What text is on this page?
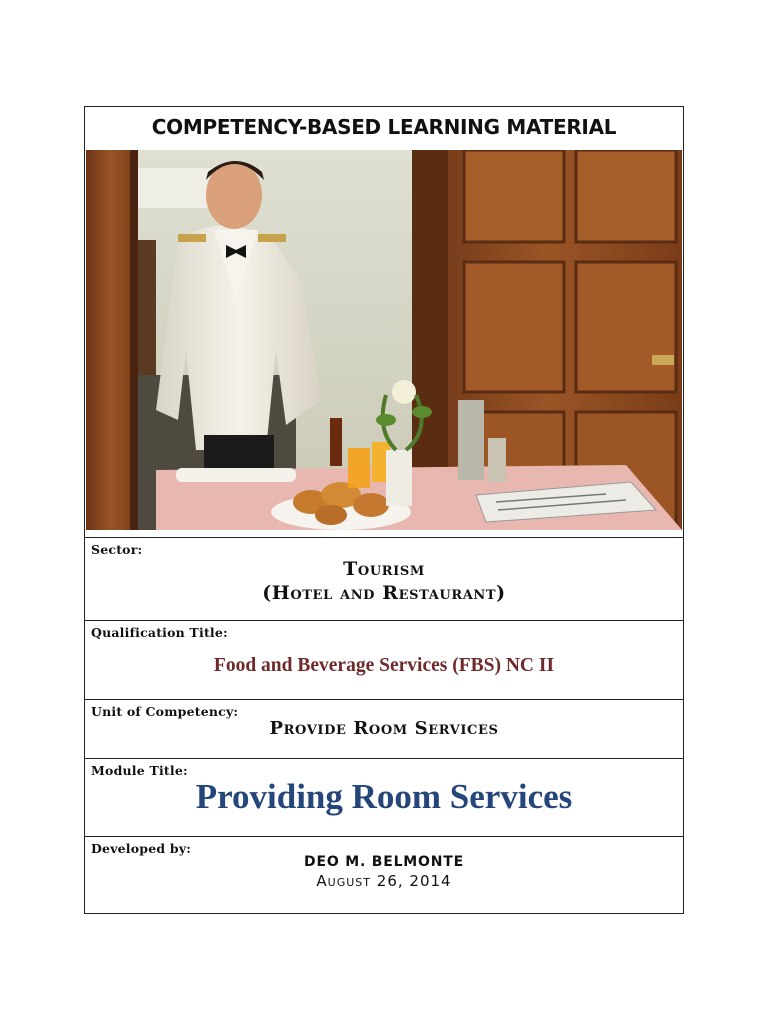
COMPETENCY-BASED LEARNING MATERIAL
Sector:
Tourism
(Hotel and Restaurant)
Qualification Title:
Food and Beverage Services (FBS) NC II
Unit of Competency:
Provide Room Services
Module Title:
Providing Room Services
Developed by:
DEO M. BELMONTE
August 26, 2014
